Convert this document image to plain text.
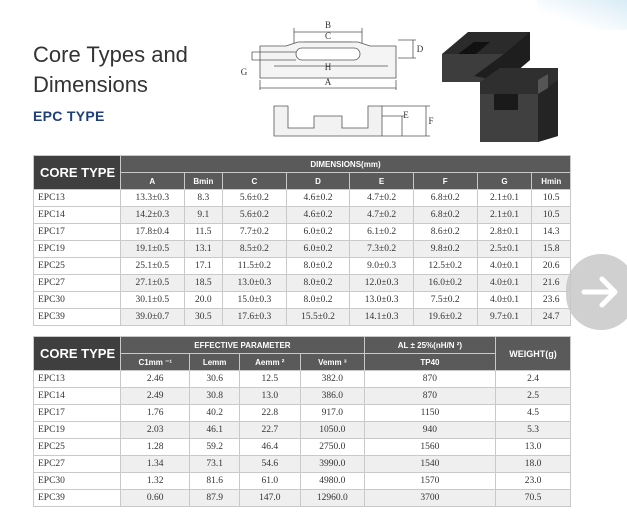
Core Types and
Dimensions
EPC TYPE
B
C
D
G	H
A
E
F
CORE TYPE	DIMENSIONS(mm)							
	A	Bmin	C	D	E	F	G	Hmin
EPC13	13.3±0.3	8.3	5.6±0.2	4.6±0.2	4.7±0.2	6.8±0.2	2.1±0.1	10.5
EPC14	14.2±0.3	9.1	5.6±0.2	4.6±0.2	4.7±0.2	6.8±0.2	2.1±0.1	10.5
EPC17	17.8±0.4	11.5	7.7±0.2	6.0±0.2	6.1±0.2	8.6±0.2	2.8±0.1	14.3
EPC19	19.1±0.5	13.1	8.5±0.2	6.0±0.2	7.3±0.2	9.8±0.2	2.5±0.1	15.8
EPC25	25.1±0.5	17.1	11.5±0.2	8.0±0.2	9.0±0.3	12.5±0.2	4.0±0.1	20.6
EPC27	27.1±0.5	18.5	13.0±0.3	8.0±0.2	12.0±0.3	16.0±0.2	4.0±0.1	21.6
EPC30	30.1±0.5	20.0	15.0±0.3	8.0±0.2	13.0±0.3	7.5±0.2	4.0±0.1	23.6
EPC39	39.0±0.7	30.5	17.6±0.3	15.5±0.2	14.1±0.3	19.6±0.2	9.7±0.1	24.7
CORE TYPE	EFFECTIVE PARAMETER				AL ± 25%(nH/N ²)	WEIGHT(g)
	C1mm ⁻¹	Lemm	Aemm ²	Vemm ³	TP40	
EPC13	2.46	30.6	12.5	382.0	870	2.4
EPC14	2.49	30.8	13.0	386.0	870	2.5
EPC17	1.76	40.2	22.8	917.0	1150	4.5
EPC19	2.03	46.1	22.7	1050.0	940	5.3
EPC25	1.28	59.2	46.4	2750.0	1560	13.0
EPC27	1.34	73.1	54.6	3990.0	1540	18.0
EPC30	1.32	81.6	61.0	4980.0	1570	23.0
EPC39	0.60	87.9	147.0	12960.0	3700	70.5
